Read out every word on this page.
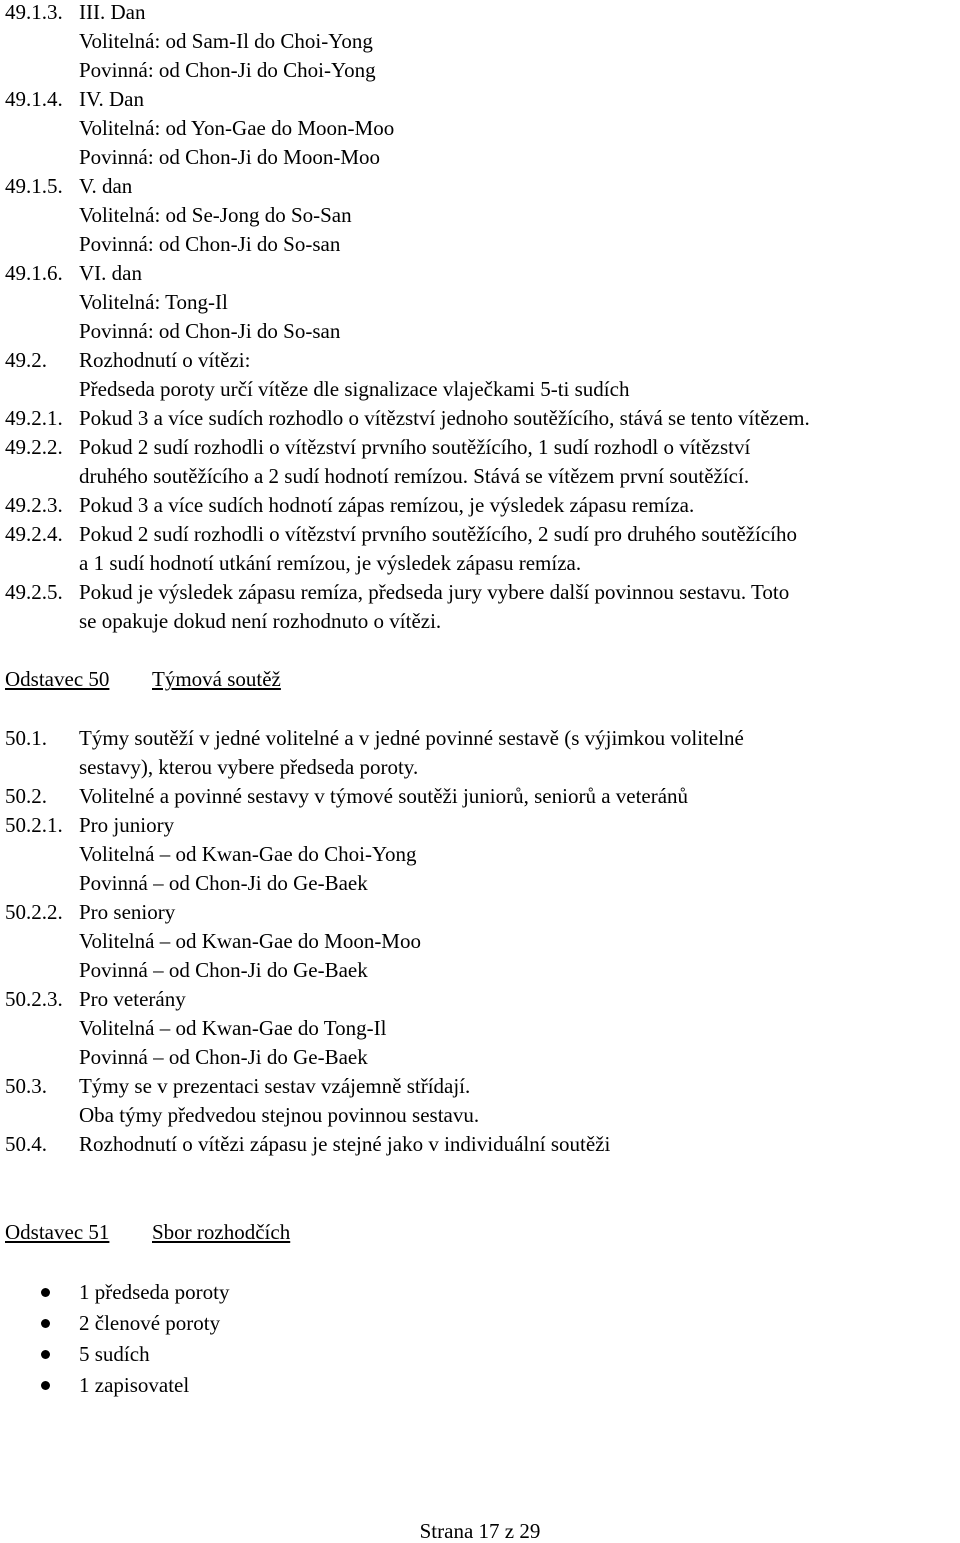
49.1.3. III. Dan
Volitelná: od Sam-Il do Choi-Yong
Povinná: od Chon-Ji do Choi-Yong
49.1.4. IV. Dan
Volitelná: od Yon-Gae do Moon-Moo
Povinná: od Chon-Ji do Moon-Moo
49.1.5. V. dan
Volitelná: od Se-Jong do So-San
Povinná: od Chon-Ji do So-san
49.1.6. VI. dan
Volitelná: Tong-Il
Povinná: od Chon-Ji do So-san
49.2. Rozhodnutí o vítězi:
Předseda poroty určí vítěze dle signalizace vlaječkami 5-ti sudích
49.2.1. Pokud 3 a více sudích rozhodlo o vítězství jednoho soutěžícího, stává se tento vítězem.
49.2.2. Pokud 2 sudí rozhodli o vítězství prvního soutěžícího, 1 sudí rozhodl o vítězství
druhého soutěžícího a 2 sudí hodnotí remízou. Stává se vítězem první soutěžící.
49.2.3. Pokud 3 a více sudích hodnotí zápas remízou, je výsledek zápasu remíza.
49.2.4. Pokud 2 sudí rozhodli o vítězství prvního soutěžícího, 2 sudí pro druhého soutěžícího
a 1 sudí hodnotí utkání remízou, je výsledek zápasu remíza.
49.2.5. Pokud je výsledek zápasu remíza, předseda jury vybere další povinnou sestavu. Toto
se opakuje dokud není rozhodnuto o vítězi.
Odstavec 50 Týmová soutěž
50.1. Týmy soutěží v jedné volitelné a v jedné povinné sestavě (s výjimkou volitelné
sestavy), kterou vybere předseda poroty.
50.2. Volitelné a povinné sestavy v týmové soutěži juniorů, seniorů a veteránů
50.2.1. Pro juniory
Volitelná – od Kwan-Gae do Choi-Yong
Povinná – od Chon-Ji do Ge-Baek
50.2.2. Pro seniory
Volitelná – od Kwan-Gae do Moon-Moo
Povinná – od Chon-Ji do Ge-Baek
50.2.3. Pro veterány
Volitelná – od Kwan-Gae do Tong-Il
Povinná – od Chon-Ji do Ge-Baek
50.3. Týmy se v prezentaci sestav vzájemně střídají.
Oba týmy předvedou stejnou povinnou sestavu.
50.4. Rozhodnutí o vítězi zápasu je stejné jako v individuální soutěži
Odstavec 51 Sbor rozhodčích
1 předseda poroty
2 členové poroty
5 sudích
1 zapisovatel
Strana 17 z 29
